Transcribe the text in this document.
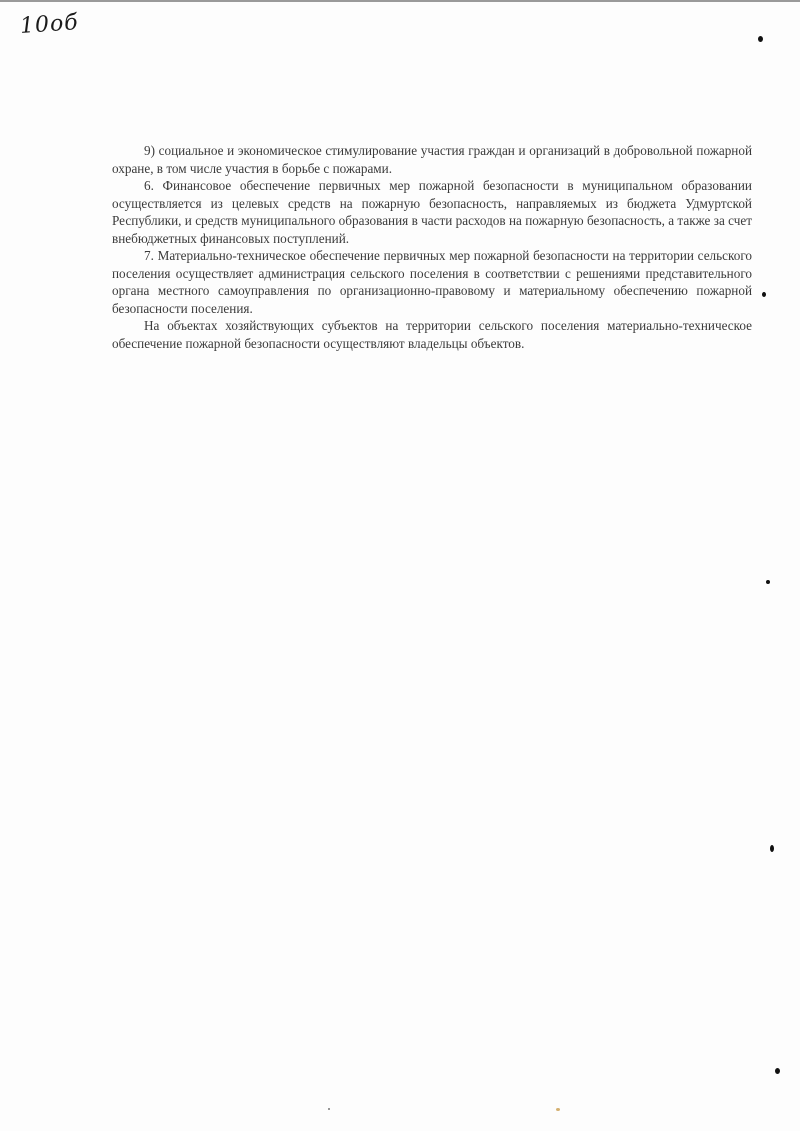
10об

9) социальное и экономическое стимулирование участия граждан и организаций в добровольной пожарной охране, в том числе участия в борьбе с пожарами.

6. Финансовое обеспечение первичных мер пожарной безопасности в муниципальном образовании осуществляется из целевых средств на пожарную безопасность, направляемых из бюджета Удмуртской Республики, и средств муниципального образования в части расходов на пожарную безопасность, а также за счет внебюджетных финансовых поступлений.

7. Материально-техническое обеспечение первичных мер пожарной безопасности на территории сельского поселения осуществляет администрация сельского поселения в соответствии с решениями представительного органа местного самоуправления по организационно-правовому и материальному обеспечению пожарной безопасности поселения.

На объектах хозяйствующих субъектов на территории сельского поселения материально-техническое обеспечение пожарной безопасности осуществляют владельцы объектов.
